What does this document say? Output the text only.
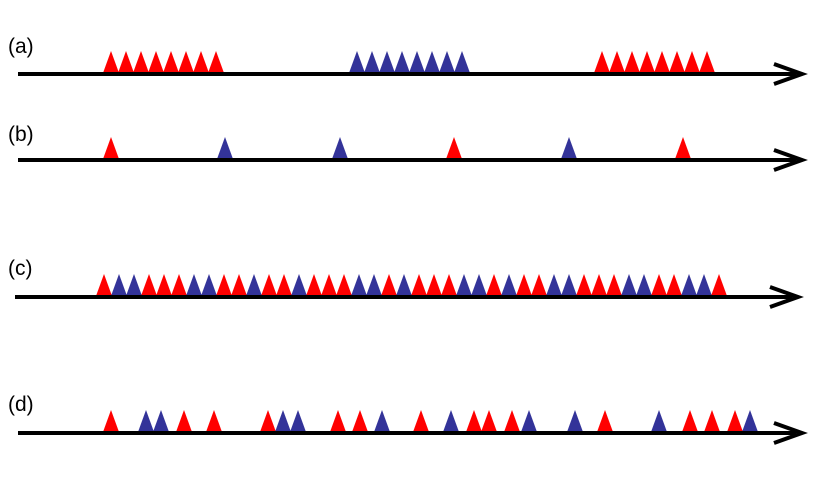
(a)
(b)
(c)
(d)
